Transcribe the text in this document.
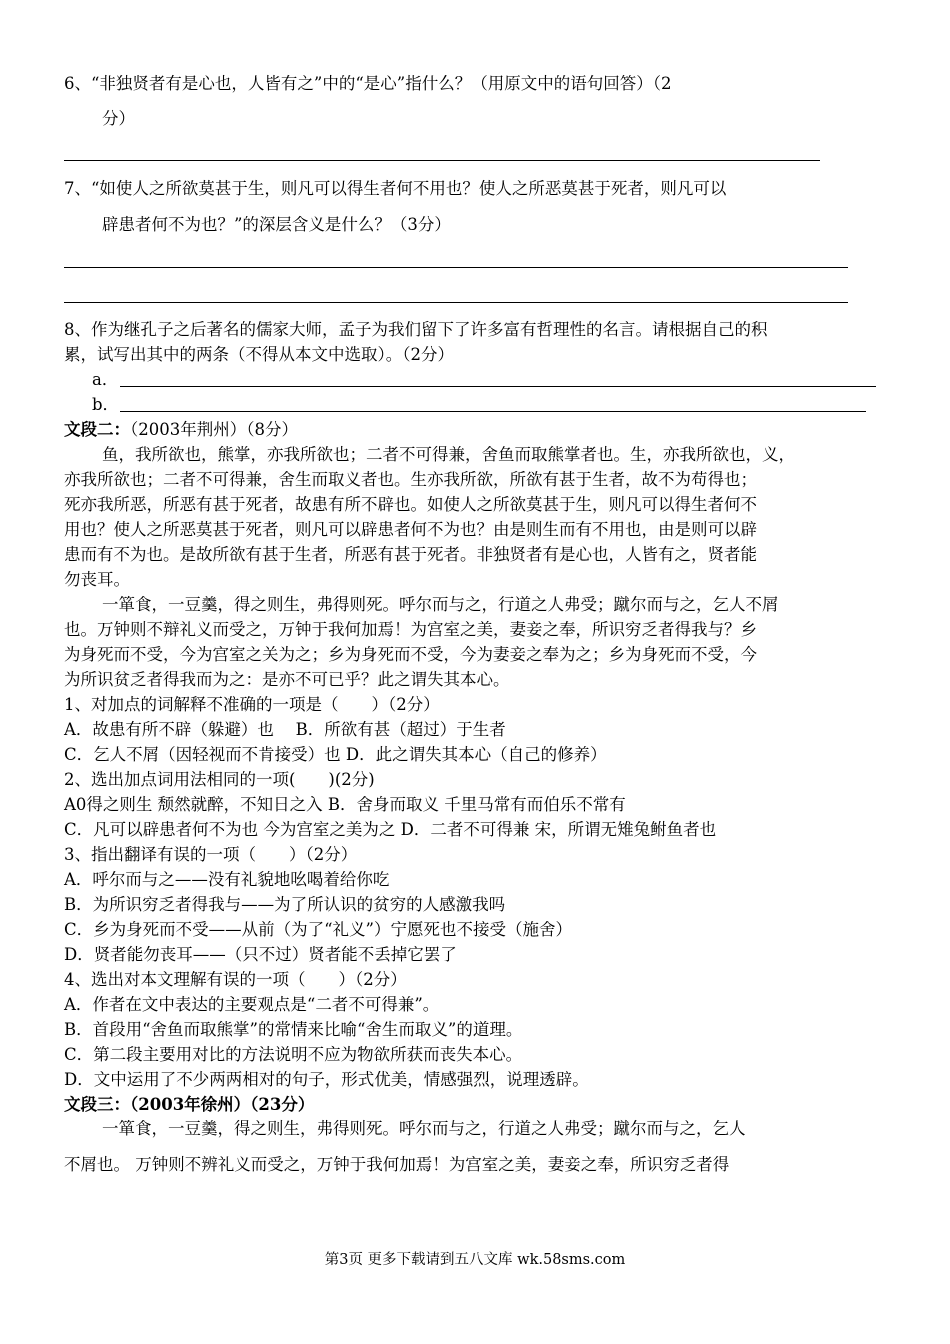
6、“非独贤者有是心也，人皆有之”中的“是心”指什么？（用原文中的语句回答）（2
分）
7、“如使人之所欲莫甚于生，则凡可以得生者何不用也？使人之所恶莫甚于死者，则凡可以
辟患者何不为也？”的深层含义是什么？（3分）
8、作为继孔子之后著名的儒家大师，孟子为我们留下了许多富有哲理性的名言。请根据自己的积
累，试写出其中的两条（不得从本文中选取）。（2分）
a．
b．
文段二：（2003年荆州）（8分）
鱼，我所欲也，熊掌，亦我所欲也；二者不可得兼，舍鱼而取熊掌者也。生，亦我所欲也，义，
亦我所欲也；二者不可得兼，舍生而取义者也。生亦我所欲，所欲有甚于生者，故不为苟得也；
死亦我所恶，所恶有甚于死者，故患有所不辟也。如使人之所欲莫甚于生，则凡可以得生者何不
用也？使人之所恶莫甚于死者，则凡可以辟患者何不为也？由是则生而有不用也，由是则可以辟
患而有不为也。是故所欲有甚于生者，所恶有甚于死者。非独贤者有是心也，人皆有之，贤者能
勿丧耳。
一箪食，一豆羹，得之则生，弗得则死。呼尔而与之，行道之人弗受；蹴尔而与之，乞人不屑
也。万钟则不辩礼义而受之，万钟于我何加焉！为宫室之美，妻妾之奉，所识穷乏者得我与？乡
为身死而不受，今为宫室之关为之；乡为身死而不受，今为妻妾之奉为之；乡为身死而不受，今
为所识贫乏者得我而为之：是亦不可已乎？此之谓失其本心。
1、对加点的词解释不准确的一项是（　　）（2分）
A．故患有所不辟（躲避）也　 B．所欲有甚（超过）于生者
C．乞人不屑（因轻视而不肯接受）也 D．此之谓失其本心（自己的修养）
2、选出加点词用法相同的一项(　　)(2分)
A0得之则生 颓然就醉，不知日之入 B．舍身而取义 千里马常有而伯乐不常有
C．凡可以辟患者何不为也 今为宫室之美为之 D．二者不可得兼 宋，所谓无雉兔鲋鱼者也
3、指出翻译有误的一项（　　）（2分）
A．呼尔而与之——没有礼貌地吆喝着给你吃
B．为所识穷乏者得我与——为了所认识的贫穷的人感激我吗
C．乡为身死而不受——从前（为了“礼义”）宁愿死也不接受（施舍）
D．贤者能勿丧耳——（只不过）贤者能不丢掉它罢了
4、选出对本文理解有误的一项（　　）（2分）
A．作者在文中表达的主要观点是“二者不可得兼”。
B．首段用“舍鱼而取熊掌”的常情来比喻“舍生而取义”的道理。
C．第二段主要用对比的方法说明不应为物欲所获而丧失本心。
D．文中运用了不少两两相对的句子，形式优美，情感强烈，说理透辟。
文段三：（2003年徐州）（23分）
一箪食，一豆羹，得之则生，弗得则死。呼尔而与之，行道之人弗受；蹴尔而与之，乞人
不屑也。 万钟则不辨礼义而受之，万钟于我何加焉！为宫室之美，妻妾之奉，所识穷乏者得
第3页 更多下载请到五八文库 wk.58sms.com
